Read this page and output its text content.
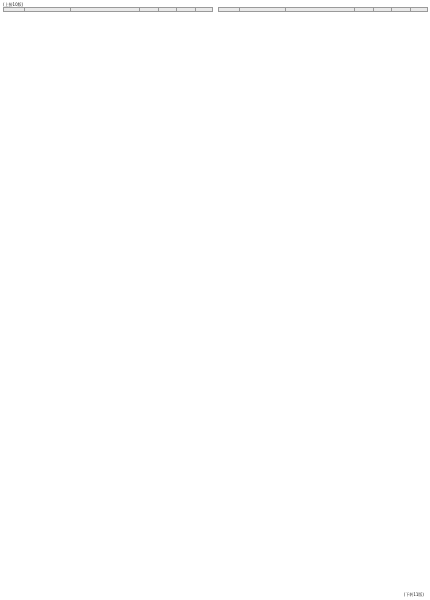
(上接10版)

(下转11版)
